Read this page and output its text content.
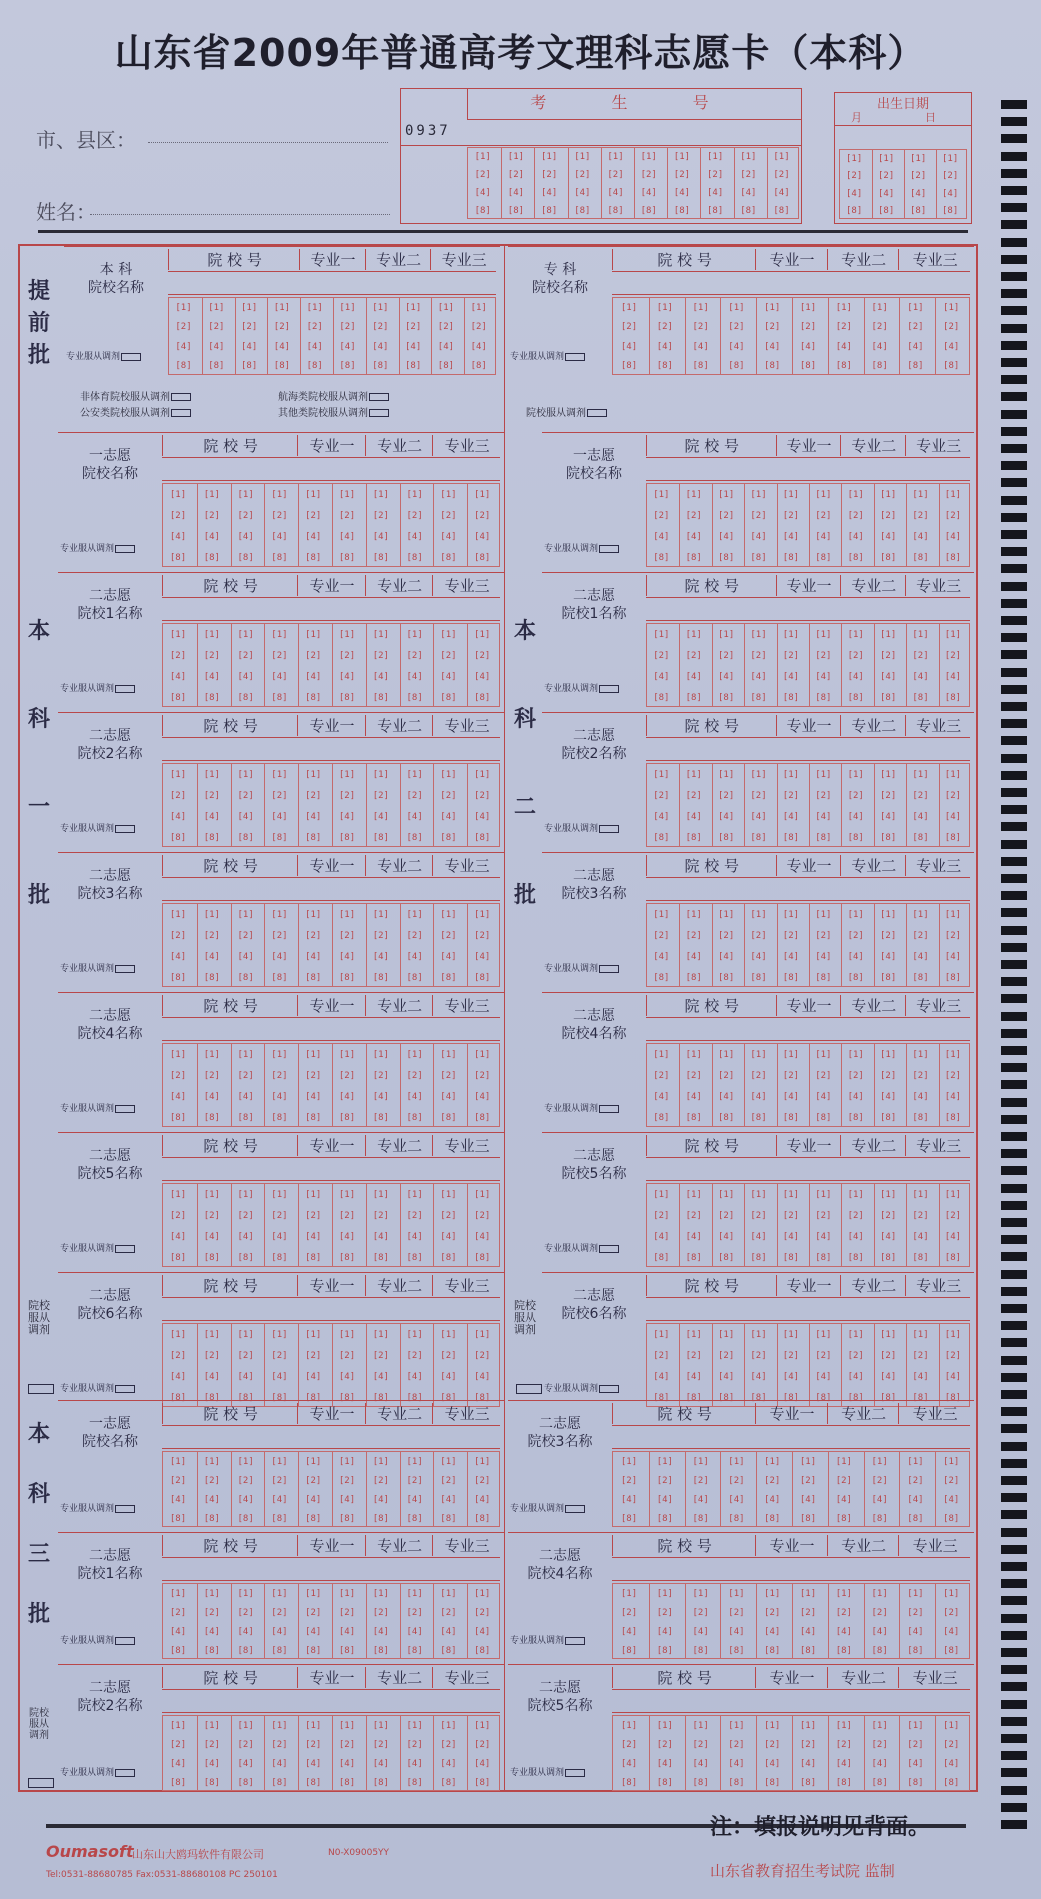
山东省2009年普通高考文理科志愿卡（本科）
市、县区：
姓名：
考 生 号
0937
[1] [1] [1] [1] [1] [1] [1] [1] [1] [1]
[2] [2] [2] [2] [2] [2] [2] [2] [2] [2]
[4] [4] [4] [4] [4] [4] [4] [4] [4] [4]
[8] [8] [8] [8] [8] [8] [8] [8] [8] [8]
出生日期
月	日
[1] [1] [1] [1]
[2] [2] [2] [2]
[4] [4] [4] [4]
[8] [8] [8] [8]
提
前
批
本

科

一

批
本

科

二

批
本

科

三

批
院校
服从
调剂
院校
服从
调剂
院校
服从
调剂
非体育院校服从调剂
公安类院校服从调剂
航海类院校服从调剂
其他类院校服从调剂	院校服从调剂
本 科
院校名称
专业服从调剂
院 校 号	专业一	专业二	专业三
[1] [1] [1] [1] [1] [1] [1] [1] [1] [1]
[2] [2] [2] [2] [2] [2] [2] [2] [2] [2]
[4] [4] [4] [4] [4] [4] [4] [4] [4] [4]
[8] [8] [8] [8] [8] [8] [8] [8] [8] [8]
专 科
院校名称
专业服从调剂
院 校 号	专业一	专业二	专业三
[1] [1] [1] [1] [1] [1] [1] [1] [1] [1]
[2] [2] [2] [2] [2] [2] [2] [2] [2] [2]
[4] [4] [4] [4] [4] [4] [4] [4] [4] [4]
[8] [8] [8] [8] [8] [8] [8] [8] [8] [8]
一志愿
院校名称
专业服从调剂
院 校 号	专业一	专业二	专业三
[1] [1] [1] [1] [1] [1] [1] [1] [1] [1]
[2] [2] [2] [2] [2] [2] [2] [2] [2] [2]
[4] [4] [4] [4] [4] [4] [4] [4] [4] [4]
[8] [8] [8] [8] [8] [8] [8] [8] [8] [8]
二志愿
院校1名称
专业服从调剂
院 校 号	专业一	专业二	专业三
[1] [1] [1] [1] [1] [1] [1] [1] [1] [1]
[2] [2] [2] [2] [2] [2] [2] [2] [2] [2]
[4] [4] [4] [4] [4] [4] [4] [4] [4] [4]
[8] [8] [8] [8] [8] [8] [8] [8] [8] [8]
二志愿
院校2名称
专业服从调剂
院 校 号	专业一	专业二	专业三
[1] [1] [1] [1] [1] [1] [1] [1] [1] [1]
[2] [2] [2] [2] [2] [2] [2] [2] [2] [2]
[4] [4] [4] [4] [4] [4] [4] [4] [4] [4]
[8] [8] [8] [8] [8] [8] [8] [8] [8] [8]
二志愿
院校3名称
专业服从调剂
院 校 号	专业一	专业二	专业三
[1] [1] [1] [1] [1] [1] [1] [1] [1] [1]
[2] [2] [2] [2] [2] [2] [2] [2] [2] [2]
[4] [4] [4] [4] [4] [4] [4] [4] [4] [4]
[8] [8] [8] [8] [8] [8] [8] [8] [8] [8]
二志愿
院校4名称
专业服从调剂
院 校 号	专业一	专业二	专业三
[1] [1] [1] [1] [1] [1] [1] [1] [1] [1]
[2] [2] [2] [2] [2] [2] [2] [2] [2] [2]
[4] [4] [4] [4] [4] [4] [4] [4] [4] [4]
[8] [8] [8] [8] [8] [8] [8] [8] [8] [8]
二志愿
院校5名称
专业服从调剂
院 校 号	专业一	专业二	专业三
[1] [1] [1] [1] [1] [1] [1] [1] [1] [1]
[2] [2] [2] [2] [2] [2] [2] [2] [2] [2]
[4] [4] [4] [4] [4] [4] [4] [4] [4] [4]
[8] [8] [8] [8] [8] [8] [8] [8] [8] [8]
二志愿
院校6名称
专业服从调剂
院 校 号	专业一	专业二	专业三
[1] [1] [1] [1] [1] [1] [1] [1] [1] [1]
[2] [2] [2] [2] [2] [2] [2] [2] [2] [2]
[4] [4] [4] [4] [4] [4] [4] [4] [4] [4]
[8] [8] [8] [8] [8] [8] [8] [8] [8] [8]
一志愿
院校名称
专业服从调剂
院 校 号	专业一	专业二	专业三
[1] [1] [1] [1] [1] [1] [1] [1] [1] [1]
[2] [2] [2] [2] [2] [2] [2] [2] [2] [2]
[4] [4] [4] [4] [4] [4] [4] [4] [4] [4]
[8] [8] [8] [8] [8] [8] [8] [8] [8] [8]
二志愿
院校1名称
专业服从调剂
院 校 号	专业一	专业二	专业三
[1] [1] [1] [1] [1] [1] [1] [1] [1] [1]
[2] [2] [2] [2] [2] [2] [2] [2] [2] [2]
[4] [4] [4] [4] [4] [4] [4] [4] [4] [4]
[8] [8] [8] [8] [8] [8] [8] [8] [8] [8]
二志愿
院校2名称
专业服从调剂
院 校 号	专业一	专业二	专业三
[1] [1] [1] [1] [1] [1] [1] [1] [1] [1]
[2] [2] [2] [2] [2] [2] [2] [2] [2] [2]
[4] [4] [4] [4] [4] [4] [4] [4] [4] [4]
[8] [8] [8] [8] [8] [8] [8] [8] [8] [8]
二志愿
院校3名称
专业服从调剂
院 校 号	专业一	专业二	专业三
[1] [1] [1] [1] [1] [1] [1] [1] [1] [1]
[2] [2] [2] [2] [2] [2] [2] [2] [2] [2]
[4] [4] [4] [4] [4] [4] [4] [4] [4] [4]
[8] [8] [8] [8] [8] [8] [8] [8] [8] [8]
二志愿
院校4名称
专业服从调剂
院 校 号	专业一	专业二	专业三
[1] [1] [1] [1] [1] [1] [1] [1] [1] [1]
[2] [2] [2] [2] [2] [2] [2] [2] [2] [2]
[4] [4] [4] [4] [4] [4] [4] [4] [4] [4]
[8] [8] [8] [8] [8] [8] [8] [8] [8] [8]
二志愿
院校5名称
专业服从调剂
院 校 号	专业一	专业二	专业三
[1] [1] [1] [1] [1] [1] [1] [1] [1] [1]
[2] [2] [2] [2] [2] [2] [2] [2] [2] [2]
[4] [4] [4] [4] [4] [4] [4] [4] [4] [4]
[8] [8] [8] [8] [8] [8] [8] [8] [8] [8]
二志愿
院校6名称
专业服从调剂
院 校 号	专业一	专业二	专业三
[1] [1] [1] [1] [1] [1] [1] [1] [1] [1]
[2] [2] [2] [2] [2] [2] [2] [2] [2] [2]
[4] [4] [4] [4] [4] [4] [4] [4] [4] [4]
[8] [8] [8] [8] [8] [8] [8] [8] [8] [8]
一志愿
院校名称
专业服从调剂
院 校 号	专业一	专业二	专业三
[1] [1] [1] [1] [1] [1] [1] [1] [1] [1]
[2] [2] [2] [2] [2] [2] [2] [2] [2] [2]
[4] [4] [4] [4] [4] [4] [4] [4] [4] [4]
[8] [8] [8] [8] [8] [8] [8] [8] [8] [8]
二志愿
院校1名称
专业服从调剂
院 校 号	专业一	专业二	专业三
[1] [1] [1] [1] [1] [1] [1] [1] [1] [1]
[2] [2] [2] [2] [2] [2] [2] [2] [2] [2]
[4] [4] [4] [4] [4] [4] [4] [4] [4] [4]
[8] [8] [8] [8] [8] [8] [8] [8] [8] [8]
二志愿
院校2名称
专业服从调剂
院 校 号	专业一	专业二	专业三
[1] [1] [1] [1] [1] [1] [1] [1] [1] [1]
[2] [2] [2] [2] [2] [2] [2] [2] [2] [2]
[4] [4] [4] [4] [4] [4] [4] [4] [4] [4]
[8] [8] [8] [8] [8] [8] [8] [8] [8] [8]
二志愿
院校3名称
专业服从调剂
院 校 号	专业一	专业二	专业三
[1] [1] [1] [1] [1] [1] [1] [1] [1] [1]
[2] [2] [2] [2] [2] [2] [2] [2] [2] [2]
[4] [4] [4] [4] [4] [4] [4] [4] [4] [4]
[8] [8] [8] [8] [8] [8] [8] [8] [8] [8]
二志愿
院校4名称
专业服从调剂
院 校 号	专业一	专业二	专业三
[1] [1] [1] [1] [1] [1] [1] [1] [1] [1]
[2] [2] [2] [2] [2] [2] [2] [2] [2] [2]
[4] [4] [4] [4] [4] [4] [4] [4] [4] [4]
[8] [8] [8] [8] [8] [8] [8] [8] [8] [8]
二志愿
院校5名称
专业服从调剂
院 校 号	专业一	专业二	专业三
[1] [1] [1] [1] [1] [1] [1] [1] [1] [1]
[2] [2] [2] [2] [2] [2] [2] [2] [2] [2]
[4] [4] [4] [4] [4] [4] [4] [4] [4] [4]
[8] [8] [8] [8] [8] [8] [8] [8] [8] [8]
Oumasoft
山东山大鸥玛软件有限公司	N0-X09005YY
Tel:0531-88680785 Fax:0531-88680108 PC 250101
注：填报说明见背面。
山东省教育招生考试院 监制
